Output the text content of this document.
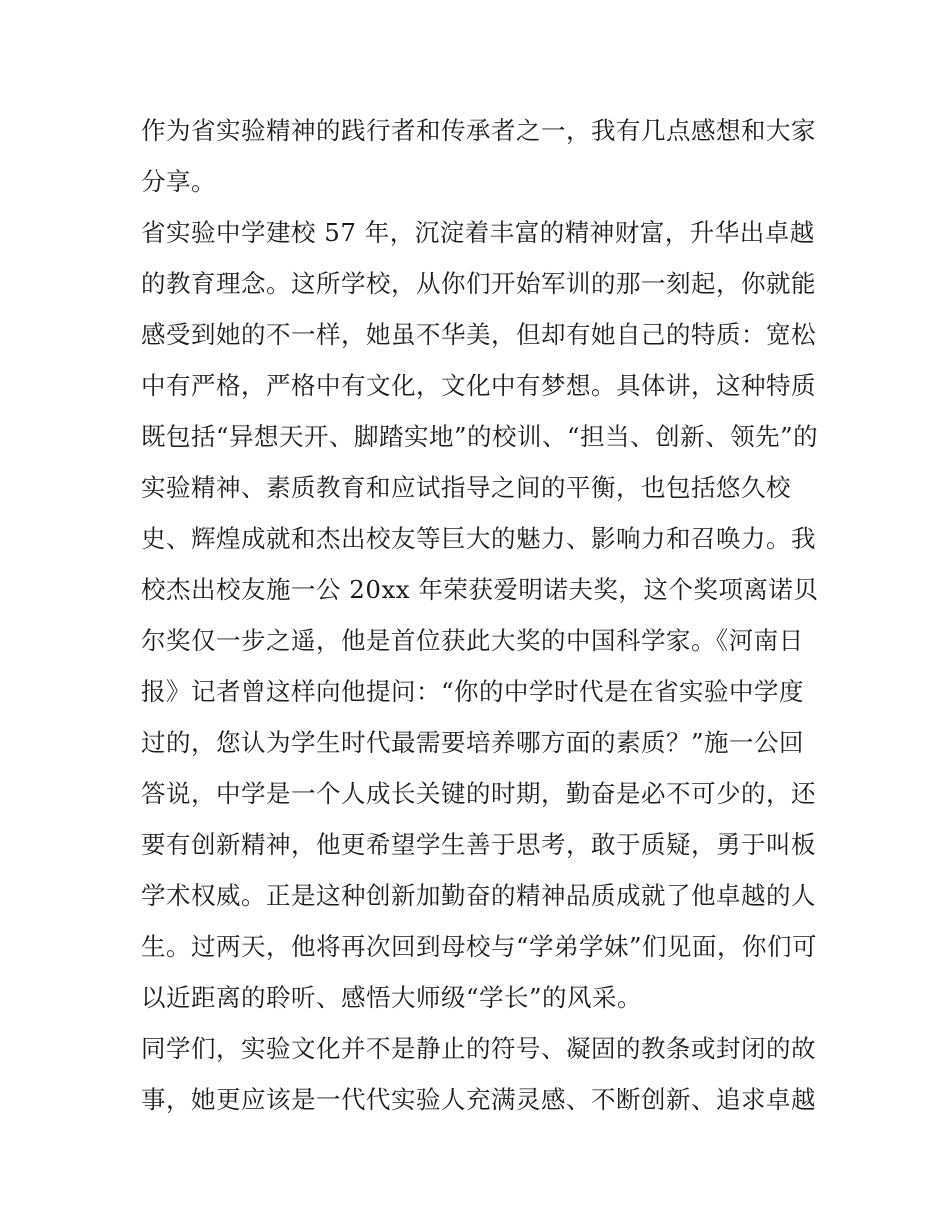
作为省实验精神的践行者和传承者之一，我有几点感想和大家
分享。
省实验中学建校 57 年，沉淀着丰富的精神财富，升华出卓越
的教育理念。这所学校，从你们开始军训的那一刻起，你就能
感受到她的不一样，她虽不华美，但却有她自己的特质：宽松
中有严格，严格中有文化，文化中有梦想。具体讲，这种特质
既包括“异想天开、脚踏实地”的校训、“担当、创新、领先”的
实验精神、素质教育和应试指导之间的平衡，也包括悠久校
史、辉煌成就和杰出校友等巨大的魅力、影响力和召唤力。我
校杰出校友施一公 20xx 年荣获爱明诺夫奖，这个奖项离诺贝
尔奖仅一步之遥，他是首位获此大奖的中国科学家。《河南日
报》记者曾这样向他提问：“你的中学时代是在省实验中学度
过的，您认为学生时代最需要培养哪方面的素质？”施一公回
答说，中学是一个人成长关键的时期，勤奋是必不可少的，还
要有创新精神，他更希望学生善于思考，敢于质疑，勇于叫板
学术权威。正是这种创新加勤奋的精神品质成就了他卓越的人
生。过两天，他将再次回到母校与“学弟学妹”们见面，你们可
以近距离的聆听、感悟大师级“学长”的风采。
同学们，实验文化并不是静止的符号、凝固的教条或封闭的故
事，她更应该是一代代实验人充满灵感、不断创新、追求卓越
